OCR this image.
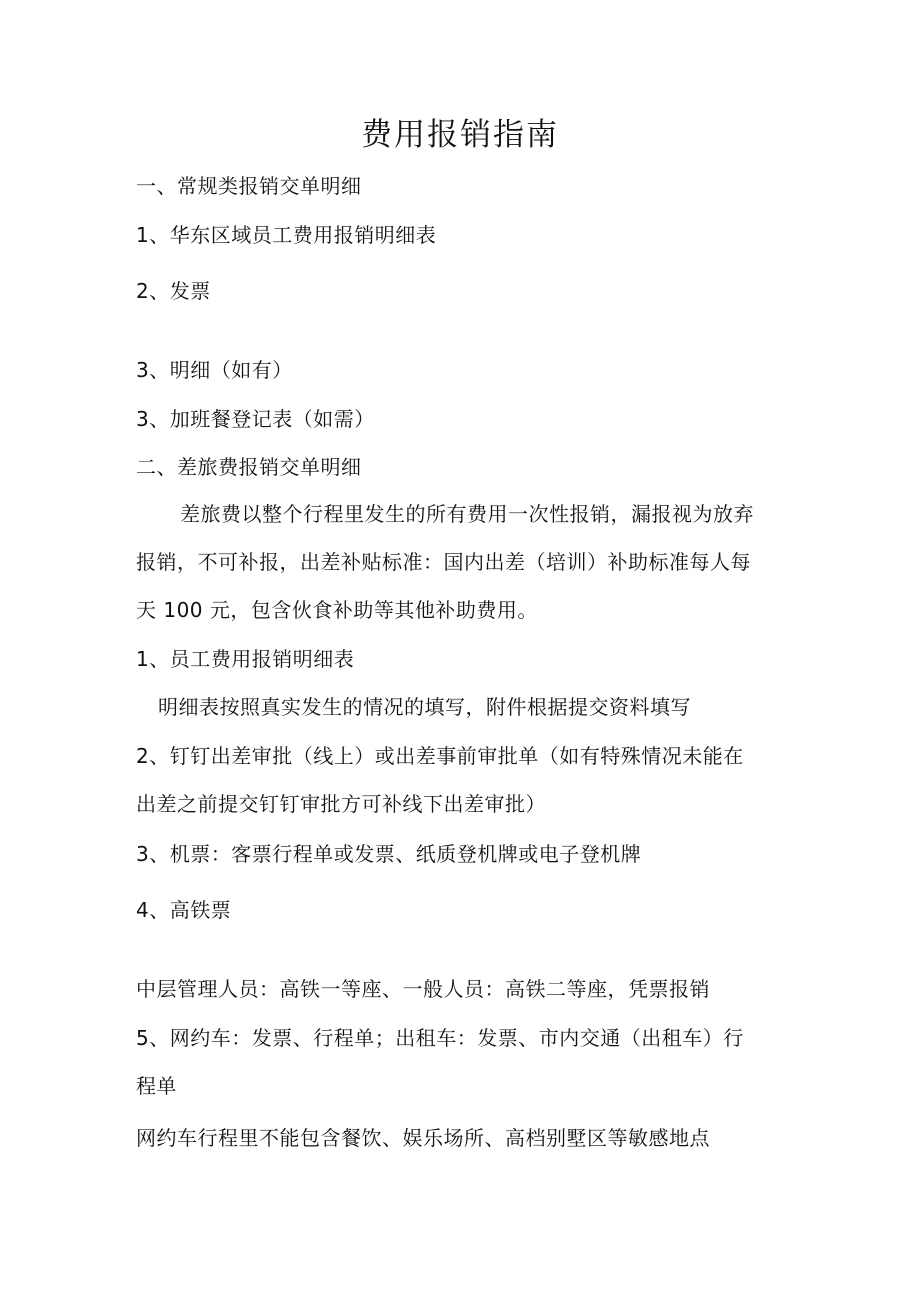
费用报销指南
一、常规类报销交单明细
1、华东区域员工费用报销明细表
2、发票
3、明细（如有）
3、加班餐登记表（如需）
二、差旅费报销交单明细
差旅费以整个行程里发生的所有费用一次性报销，漏报视为放弃
报销，不可补报，出差补贴标准：国内出差（培训）补助标准每人每
天 100 元，包含伙食补助等其他补助费用。
1、员工费用报销明细表
明细表按照真实发生的情况的填写，附件根据提交资料填写
2、钉钉出差审批（线上）或出差事前审批单（如有特殊情况未能在
出差之前提交钉钉审批方可补线下出差审批）
3、机票：客票行程单或发票、纸质登机牌或电子登机牌
4、高铁票
中层管理人员：高铁一等座、一般人员：高铁二等座，凭票报销
5、网约车：发票、行程单；出租车：发票、市内交通（出租车）行
程单
网约车行程里不能包含餐饮、娱乐场所、高档别墅区等敏感地点
